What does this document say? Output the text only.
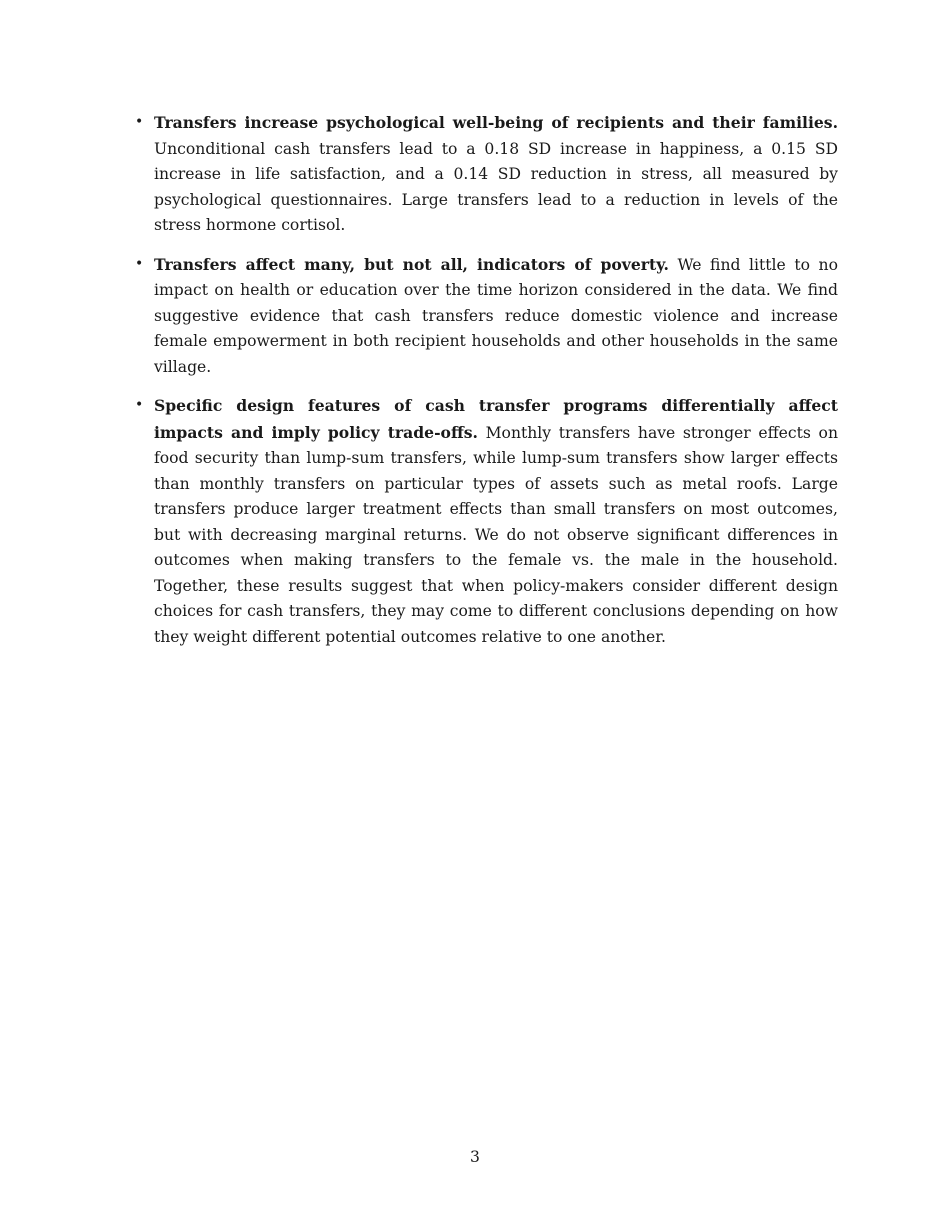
• Transfers increase psychological well-being of recipients and their families. Unconditional cash transfers lead to a 0.18 SD increase in happiness, a 0.15 SD increase in life satisfaction, and a 0.14 SD reduction in stress, all measured by psychological questionnaires. Large transfers lead to a reduction in levels of the stress hormone cortisol.
• Transfers affect many, but not all, indicators of poverty. We find little to no impact on health or education over the time horizon considered in the data. We find suggestive evidence that cash transfers reduce domestic violence and increase female empowerment in both recipient households and other households in the same village.
• Specific design features of cash transfer programs differentially affect impacts and imply policy trade-offs. Monthly transfers have stronger effects on food security than lump-sum transfers, while lump-sum transfers show larger effects than monthly transfers on particular types of assets such as metal roofs. Large transfers produce larger treatment effects than small transfers on most outcomes, but with decreasing marginal returns. We do not observe significant differences in outcomes when making transfers to the female vs. the male in the household. Together, these results suggest that when policy-makers consider different design choices for cash transfers, they may come to different conclusions depending on how they weight different potential outcomes relative to one another.
3
